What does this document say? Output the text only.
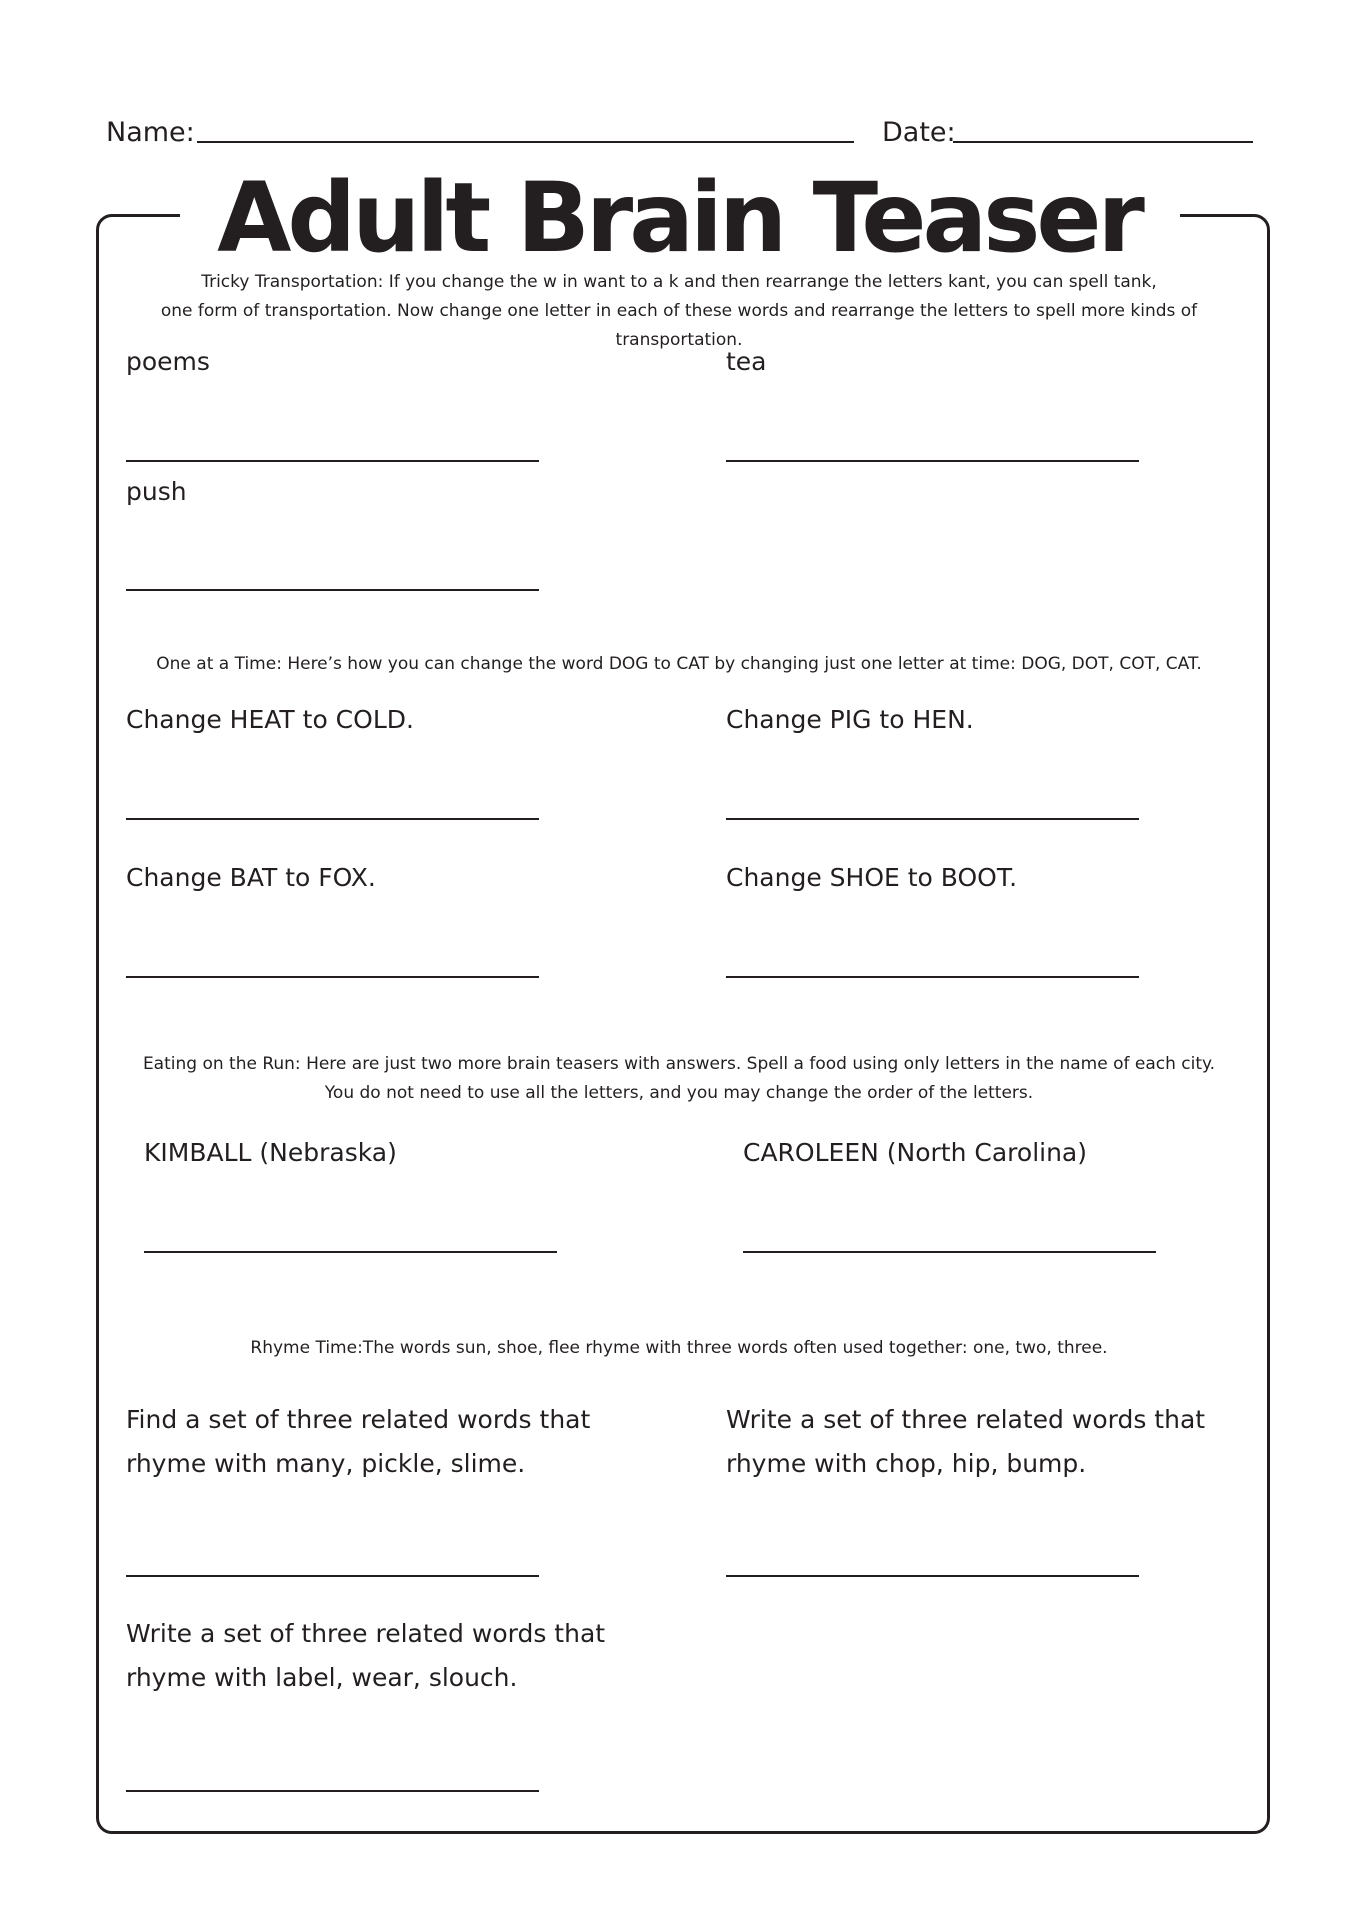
Name:	Date:
Adult Brain Teaser
Tricky Transportation: If you change the w in want to a k and then rearrange the letters kant, you can spell tank,
one form of transportation. Now change one letter in each of these words and rearrange the letters to spell more kinds of transportation.
poems	tea
push
One at a Time: Here’s how you can change the word DOG to CAT by changing just one letter at time: DOG, DOT, COT, CAT.
Change HEAT to COLD.	Change PIG to HEN.
Change BAT to FOX.	Change SHOE to BOOT.
Eating on the Run: Here are just two more brain teasers with answers. Spell a food using only letters in the name of each city.
You do not need to use all the letters, and you may change the order of the letters.
KIMBALL (Nebraska)	CAROLEEN (North Carolina)
Rhyme Time:The words sun, shoe, flee rhyme with three words often used together: one, two, three.
Find a set of three related words that
rhyme with many, pickle, slime.
Write a set of three related words that
rhyme with chop, hip, bump.
Write a set of three related words that
rhyme with label, wear, slouch.
